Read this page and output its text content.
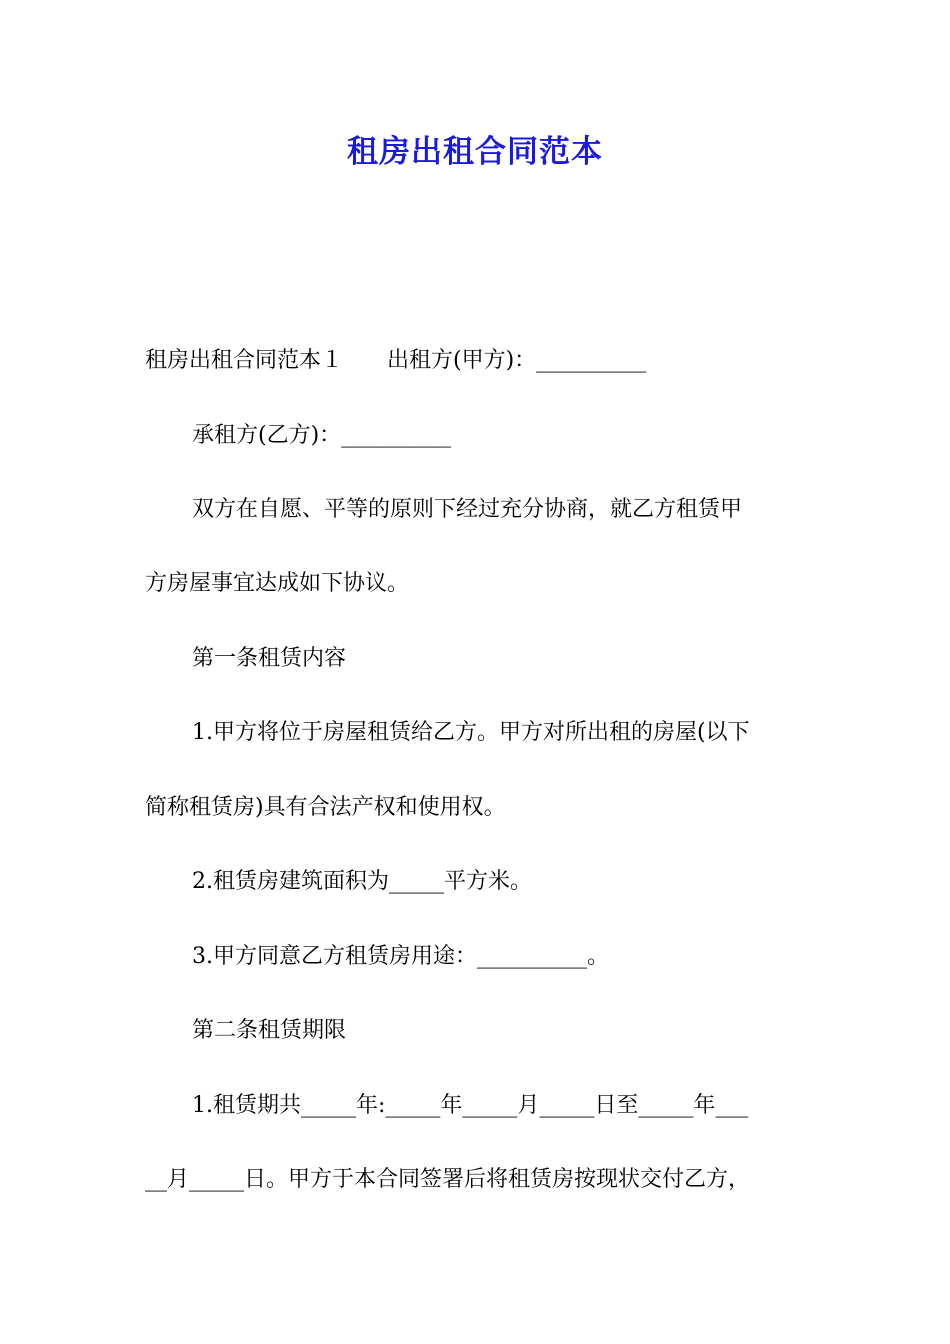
租房出租合同范本
租房出租合同范本１　　出租方(甲方)：__________
承租方(乙方)：__________
双方在自愿、平等的原则下经过充分协商，就乙方租赁甲
方房屋事宜达成如下协议。
第一条租赁内容
1.甲方将位于房屋租赁给乙方。甲方对所出租的房屋(以下
简称租赁房)具有合法产权和使用权。
2.租赁房建筑面积为_____平方米。
3.甲方同意乙方租赁房用途：__________。
第二条租赁期限
1.租赁期共_____年:_____年_____月_____日至_____年___
__月_____日。甲方于本合同签署后将租赁房按现状交付乙方，
